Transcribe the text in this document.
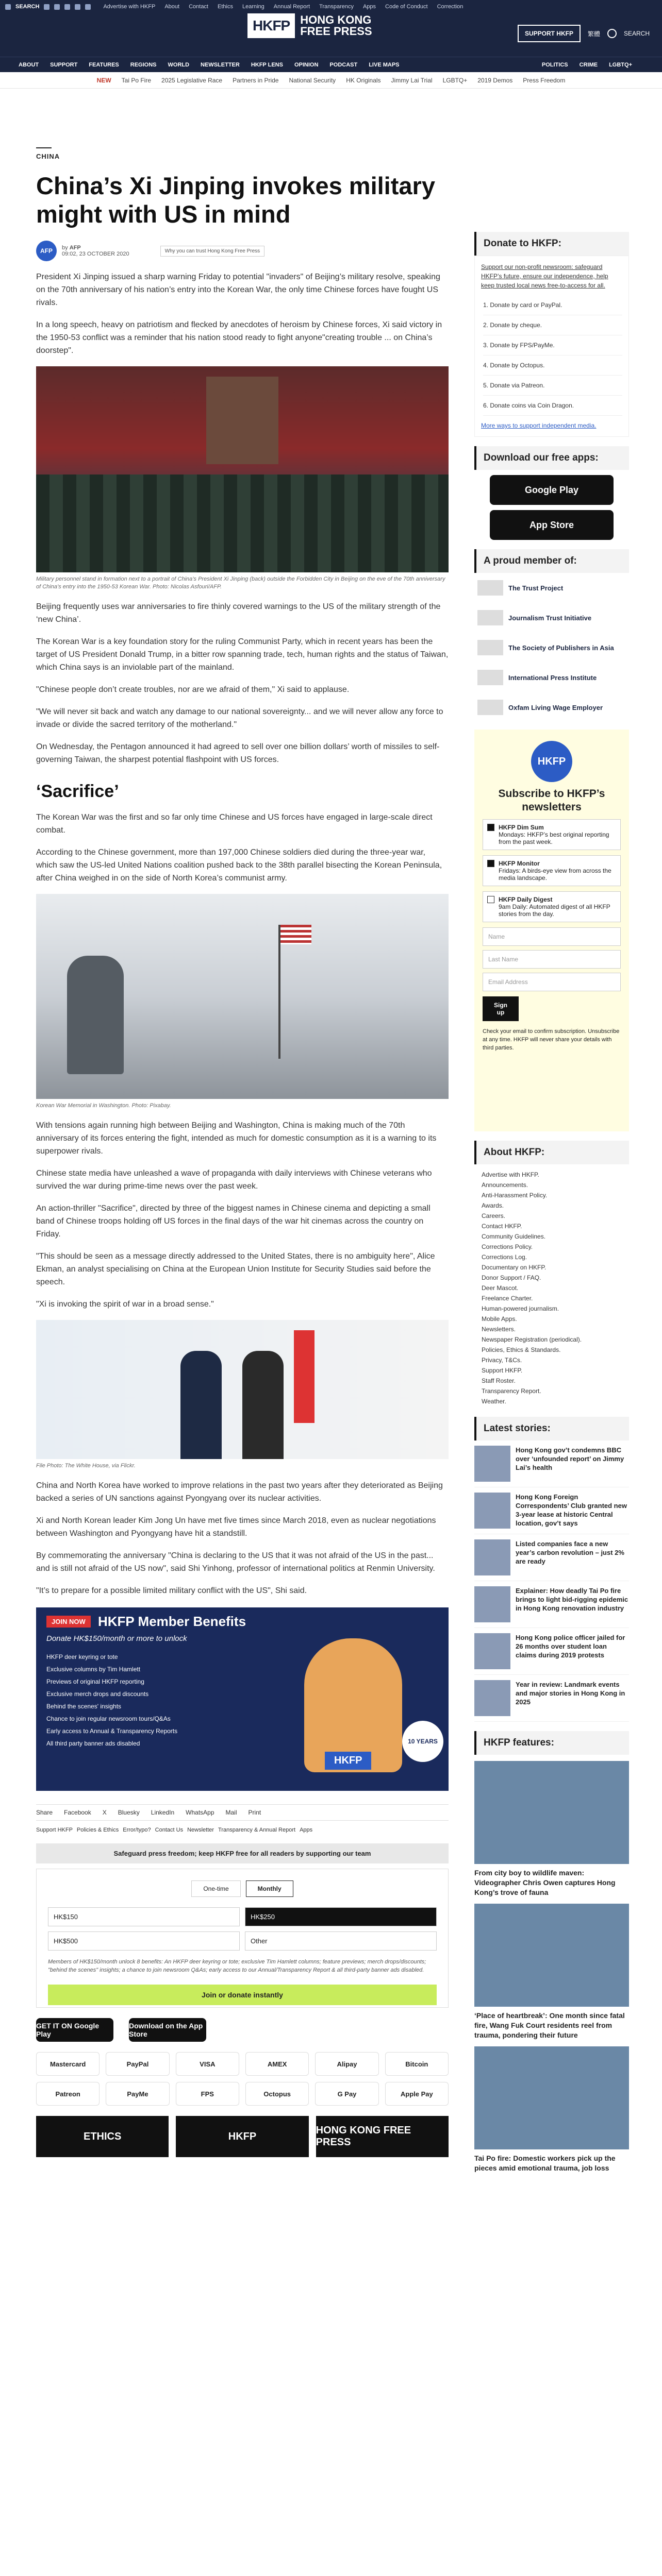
SEARCH	Advertise with HKFP About Contact Ethics Learning Annual Report Transparency Apps Code of Conduct Correction
HKFP HONG KONG
FREE PRESS	SUPPORT HKFP	繁體	SEARCH
ABOUT SUPPORT FEATURES REGIONS WORLD NEWSLETTER HKFP LENS OPINION PODCAST LIVE MAPS	POLITICS CRIME LGBTQ+
NEW Tai Po Fire 2025 Legislative Race Partners in Pride National Security HK Originals Jimmy Lai Trial LGBTQ+ 2019 Demos Press Freedom
CHINA
China’s Xi Jinping invokes military might with US in mind
AFP	by AFP
09:02, 23 OCTOBER 2020	Why you can trust Hong Kong Free Press

President Xi Jinping issued a sharp warning Friday to potential "invaders" of Beijing’s military resolve, speaking on the 70th anniversary of his nation’s entry into the Korean War, the only time Chinese forces have fought US rivals.

In a long speech, heavy on patriotism and flecked by anecdotes of heroism by Chinese forces, Xi said victory in the 1950-53 conflict was a reminder that his nation stood ready to fight anyone"creating trouble ... on China’s doorstep".

Military personnel stand in formation next to a portrait of China’s President Xi Jinping (back) outside the Forbidden City in Beijing on the eve of the 70th anniversary of China’s entry into the 1950-53 Korean War. Photo: Nicolas Asfouri/AFP.

Beijing frequently uses war anniversaries to fire thinly covered warnings to the US of the military strength of the ‘new China’.

The Korean War is a key foundation story for the ruling Communist Party, which in recent years has been the target of US President Donald Trump, in a bitter row spanning trade, tech, human rights and the status of Taiwan, which China says is an inviolable part of the mainland.

"Chinese people don’t create troubles, nor are we afraid of them," Xi said to applause.

"We will never sit back and watch any damage to our national sovereignty... and we will never allow any force to invade or divide the sacred territory of the motherland."

On Wednesday, the Pentagon announced it had agreed to sell over one billion dollars’ worth of missiles to self-governing Taiwan, the sharpest potential flashpoint with US forces.

‘Sacrifice’

The Korean War was the first and so far only time Chinese and US forces have engaged in large-scale direct combat.

According to the Chinese government, more than 197,000 Chinese soldiers died during the three-year war, which saw the US-led United Nations coalition pushed back to the 38th parallel bisecting the Korean Peninsula, after China weighed in on the side of North Korea’s communist army.

Korean War Memorial in Washington. Photo: Pixabay.

With tensions again running high between Beijing and Washington, China is making much of the 70th anniversary of its forces entering the fight, intended as much for domestic consumption as it is a warning to its superpower rivals.

Chinese state media have unleashed a wave of propaganda with daily interviews with Chinese veterans who survived the war during prime-time news over the past week.

An action-thriller "Sacrifice", directed by three of the biggest names in Chinese cinema and depicting a small band of Chinese troops holding off US forces in the final days of the war hit cinemas across the country on Friday.

"This should be seen as a message directly addressed to the United States, there is no ambiguity here", Alice Ekman, an analyst specialising on China at the European Union Institute for Security Studies said before the speech.

"Xi is invoking the spirit of war in a broad sense."

File Photo: The White House, via Flickr.

China and North Korea have worked to improve relations in the past two years after they deteriorated as Beijing backed a series of UN sanctions against Pyongyang over its nuclear activities.

Xi and North Korean leader Kim Jong Un have met five times since March 2018, even as nuclear negotiations between Washington and Pyongyang have hit a standstill.

By commemorating the anniversary "China is declaring to the US that it was not afraid of the US in the past... and is still not afraid of the US now", said Shi Yinhong, professor of international politics at Renmin University.

"It’s to prepare for a possible limited military conflict with the US", Shi said.

JOIN NOW HKFP Member Benefits
Donate HK$150/month or more to unlock
HKFP deer keyring or tote
Exclusive columns by Tim Hamlett
Previews of original HKFP reporting
Exclusive merch drops and discounts
Behind the scenes' insights
Chance to join regular newsroom tours/Q&As
Early access to Annual & Transparency Reports
All third party banner ads disabled
HKFP
10 YEARS
Share Facebook X Bluesky LinkedIn WhatsApp Mail Print
Support HKFP Policies & Ethics Error/typo? Contact Us Newsletter Transparency & Annual Report Apps
Safeguard press freedom; keep HKFP free for all readers by supporting our team
One-time	Monthly
HK$150	HK$250
HK$500	Other
Members of HK$150/month unlock 8 benefits: An HKFP deer keyring or tote; exclusive Tim Hamlett columns; feature previews; merch drops/discounts; "behind the scenes" insights; a chance to join newsroom Q&As; early access to our Annual/Transparency Report & all third-party banner ads disabled.
Join or donate instantly
GET IT ON Google Play
Download on the App Store
Mastercard	PayPal	VISA	AMEX	Alipay	Bitcoin
Patreon	PayMe	FPS	Octopus	G Pay	Apple Pay
ETHICS	HKFP
HONG KONG FREE PRESS
Donate to HKFP:
Support our non-profit newsroom: safeguard HKFP’s future, ensure our independence, help keep trusted local news free-to-access for all.
1. Donate by card or PayPal.
2. Donate by cheque.
3. Donate by FPS/PayMe.
4. Donate by Octopus.
5. Donate via Patreon.
6. Donate coins via Coin Dragon.
More ways to support independent media.
Download our free apps:
Google Play
App Store
A proud member of:
The Trust Project
Journalism Trust Initiative
The Society of Publishers in Asia
International Press Institute
Oxfam Living Wage Employer
HKFP
Subscribe to HKFP’s newsletters
HKFP Dim Sum
Mondays: HKFP’s best original reporting from the past week.
HKFP Monitor
Fridays: A birds-eye view from across the media landscape.
HKFP Daily Digest
9am Daily: Automated digest of all HKFP stories from the day.
Name
Last Name
Email Address
Sign up
Check your email to confirm subscription. Unsubscribe at any time. HKFP will never share your details with third parties.
About HKFP:
Advertise with HKFP.
Announcements.
Anti-Harassment Policy.
Awards.
Careers.
Contact HKFP.
Community Guidelines.
Corrections Policy.
Corrections Log.
Documentary on HKFP.
Donor Support / FAQ.
Deer Mascot.
Freelance Charter.
Human-powered journalism.
Mobile Apps.
Newsletters.
Newspaper Registration (periodical).
Policies, Ethics & Standards.
Privacy, T&Cs.
Support HKFP.
Staff Roster.
Transparency Report.
Weather.
Latest stories:
Hong Kong gov’t condemns BBC over ‘unfounded report’ on Jimmy Lai’s health
Hong Kong Foreign Correspondents’ Club granted new 3-year lease at historic Central location, gov’t says
Listed companies face a new year’s carbon revolution – just 2% are ready
Explainer: How deadly Tai Po fire brings to light bid-rigging epidemic in Hong Kong renovation industry
Hong Kong police officer jailed for 26 months over student loan claims during 2019 protests
Year in review: Landmark events and major stories in Hong Kong in 2025
HKFP features:
From city boy to wildlife maven: Videographer Chris Owen captures Hong Kong’s trove of fauna
‘Place of heartbreak’: One month since fatal fire, Wang Fuk Court residents reel from trauma, pondering their future
Tai Po fire: Domestic workers pick up the pieces amid emotional trauma, job loss
